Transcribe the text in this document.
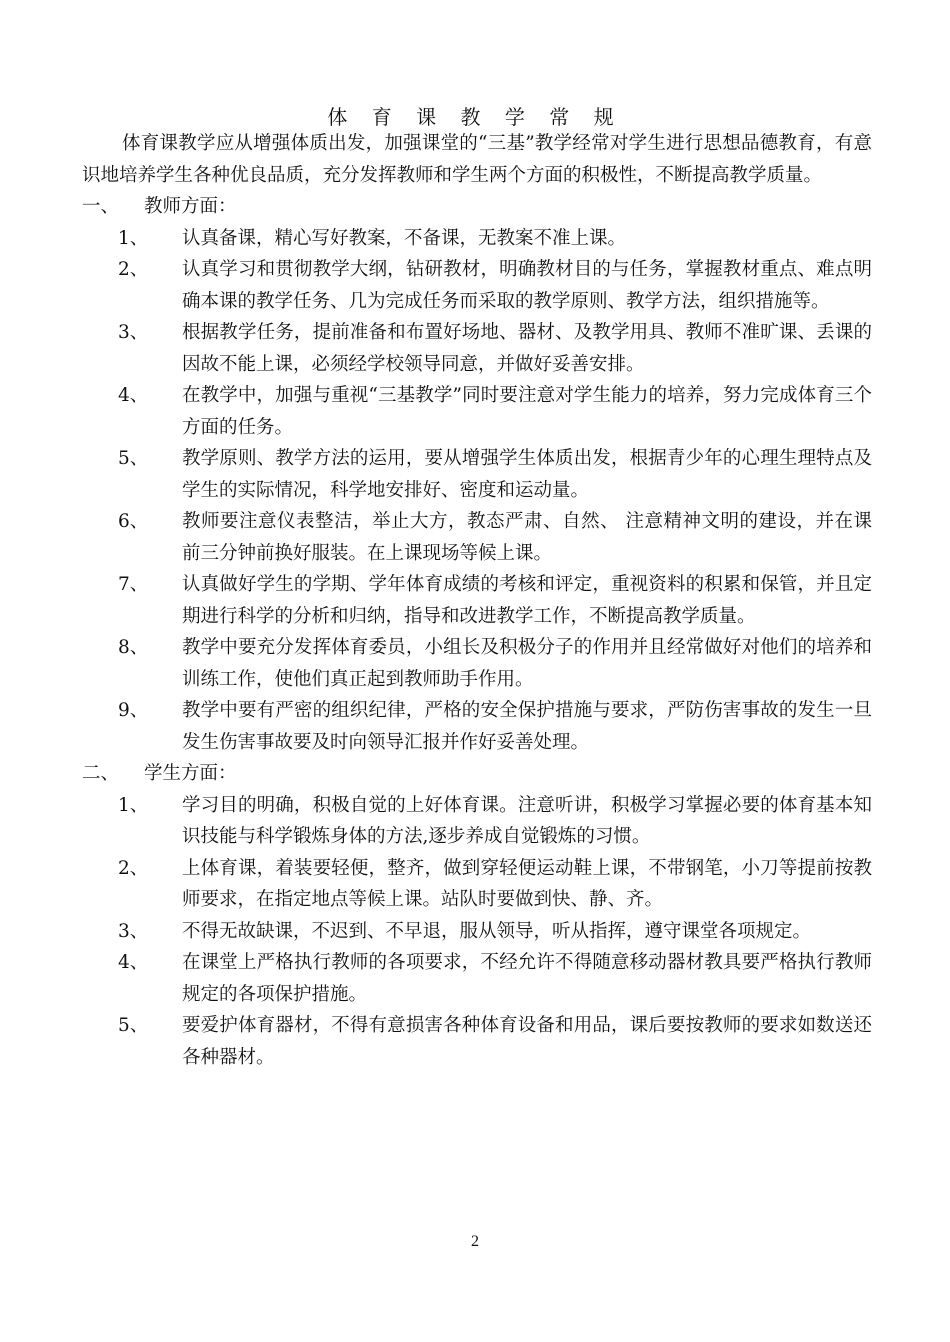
体 育 课 教 学 常 规

体育课教学应从增强体质出发，加强课堂的“三基”教学经常对学生进行思想品德教育，有意识地培养学生各种优良品质，充分发挥教师和学生两个方面的积极性，不断提高教学质量。

一、	教师方面：
1、	认真备课，精心写好教案，不备课，无教案不准上课。
2、	认真学习和贯彻教学大纲，钻研教材，明确教材目的与任务，掌握教材重点、难点明确本课的教学任务、几为完成任务而采取的教学原则、教学方法，组织措施等。
3、	根据教学任务，提前准备和布置好场地、器材、及教学用具、教师不准旷课、丢课的因故不能上课，必须经学校领导同意，并做好妥善安排。
4、	在教学中，加强与重视“三基教学”同时要注意对学生能力的培养，努力完成体育三个方面的任务。
5、	教学原则、教学方法的运用，要从增强学生体质出发，根据青少年的心理生理特点及学生的实际情况，科学地安排好、密度和运动量。
6、	教师要注意仪表整洁，举止大方，教态严肃、自然、 注意精神文明的建设，并在课前三分钟前换好服装。在上课现场等候上课。
7、	认真做好学生的学期、学年体育成绩的考核和评定，重视资料的积累和保管，并且定期进行科学的分析和归纳，指导和改进教学工作，不断提高教学质量。
8、	教学中要充分发挥体育委员，小组长及积极分子的作用并且经常做好对他们的培养和训练工作，使他们真正起到教师助手作用。
9、	教学中要有严密的组织纪律，严格的安全保护措施与要求，严防伤害事故的发生一旦发生伤害事故要及时向领导汇报并作好妥善处理。
二、	学生方面：
1、	学习目的明确，积极自觉的上好体育课。注意听讲，积极学习掌握必要的体育基本知识技能与科学锻炼身体的方法,逐步养成自觉锻炼的习惯。
2、	上体育课，着装要轻便，整齐，做到穿轻便运动鞋上课，不带钢笔，小刀等提前按教师要求，在指定地点等候上课。站队时要做到快、静、齐。
3、	不得无故缺课，不迟到、不早退，服从领导，听从指挥，遵守课堂各项规定。
4、	在课堂上严格执行教师的各项要求，不经允许不得随意移动器材教具要严格执行教师规定的各项保护措施。
5、	要爱护体育器材，不得有意损害各种体育设备和用品，课后要按教师的要求如数送还各种器材。
2
